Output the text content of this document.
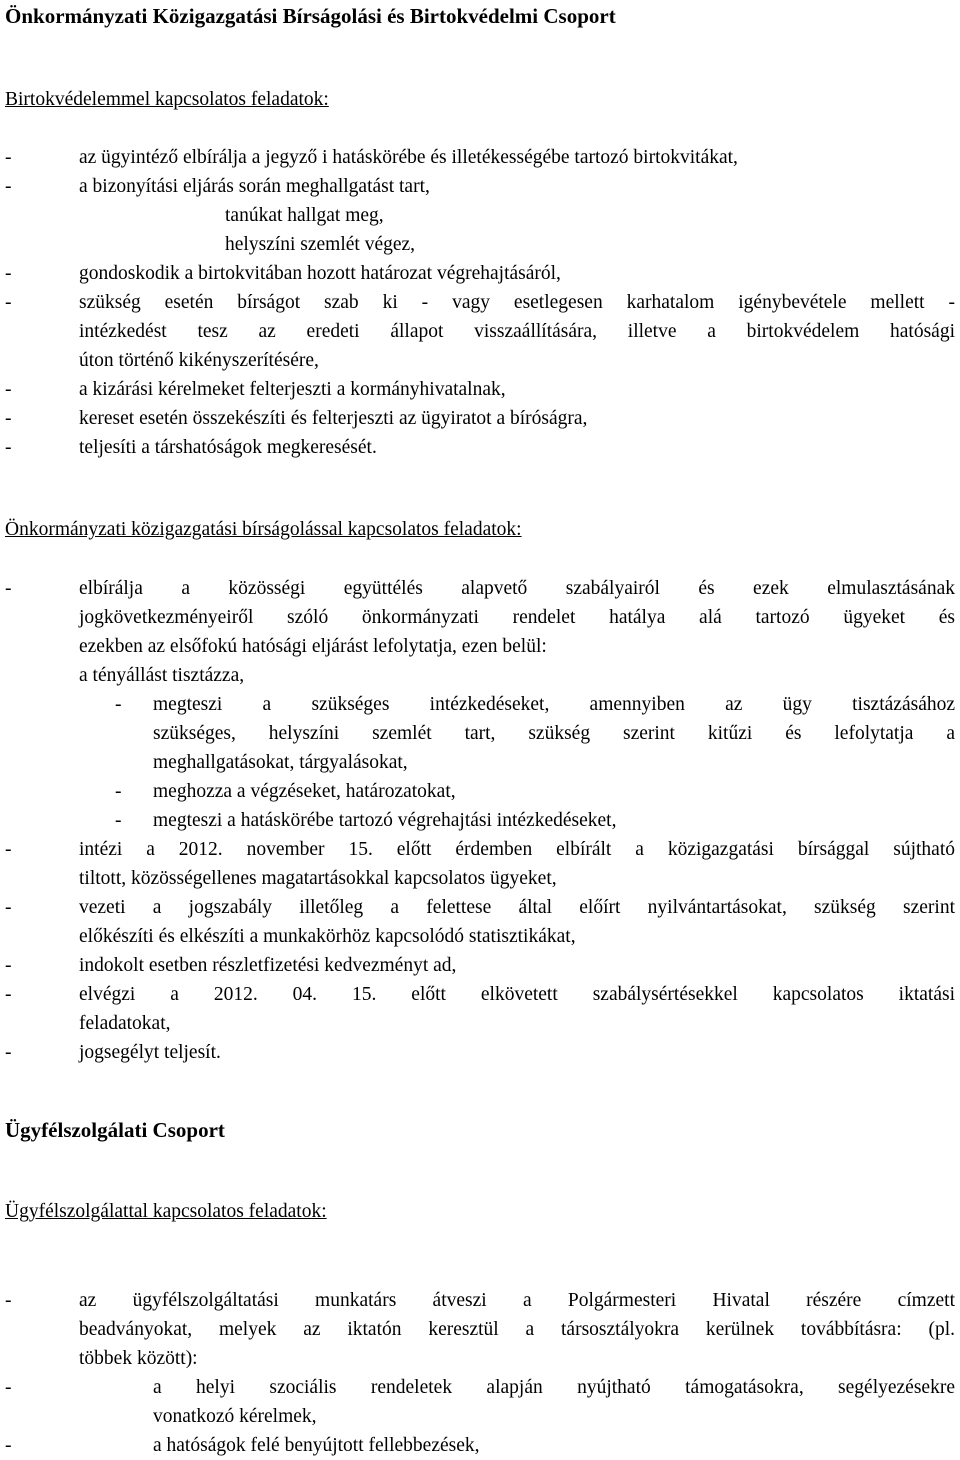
Önkormányzati Közigazgatási Bírságolási és Birtokvédelmi Csoport
Birtokvédelemmel kapcsolatos feladatok:
-	az ügyintéző elbírálja a jegyző i hatáskörébe és illetékességébe tartozó birtokvitákat,
-	a bizonyítási eljárás során meghallgatást tart,
tanúkat hallgat meg,
helyszíni szemlét végez,
-	gondoskodik a birtokvitában hozott határozat végrehajtásáról,
-	szükség esetén bírságot szab ki - vagy esetlegesen karhatalom igénybevétele mellett -
intézkedést tesz az eredeti állapot visszaállítására, illetve a birtokvédelem hatósági
úton történő kikényszerítésére,
-	a kizárási kérelmeket felterjeszti a kormányhivatalnak,
-	kereset esetén összekészíti és felterjeszti az ügyiratot a bíróságra,
-	teljesíti a társhatóságok megkeresését.
Önkormányzati közigazgatási bírságolással kapcsolatos feladatok:
-	elbírálja a közösségi együttélés alapvető szabályairól és ezek elmulasztásának
jogkövetkezményeiről szóló önkormányzati rendelet hatálya alá tartozó ügyeket és
ezekben az elsőfokú hatósági eljárást lefolytatja, ezen belül:
a tényállást tisztázza,
- megteszi a szükséges intézkedéseket, amennyiben az ügy tisztázásához
szükséges, helyszíni szemlét tart, szükség szerint kitűzi és lefolytatja a
meghallgatásokat, tárgyalásokat,
- meghozza a végzéseket, határozatokat,
- megteszi a hatáskörébe tartozó végrehajtási intézkedéseket,
-	intézi a 2012. november 15. előtt érdemben elbírált a közigazgatási bírsággal sújtható
tiltott, közösségellenes magatartásokkal kapcsolatos ügyeket,
-	vezeti a jogszabály illetőleg a felettese által előírt nyilvántartásokat, szükség szerint
előkészíti és elkészíti a munkakörhöz kapcsolódó statisztikákat,
-	indokolt esetben részletfizetési kedvezményt ad,
-	elvégzi a 2012. 04. 15. előtt elkövetett szabálysértésekkel kapcsolatos iktatási
feladatokat,
-	jogsegélyt teljesít.
Ügyfélszolgálati Csoport
Ügyfélszolgálattal kapcsolatos feladatok:
-	az ügyfélszolgáltatási munkatárs átveszi a Polgármesteri Hivatal részére címzett
beadványokat, melyek az iktatón keresztül a társosztályokra kerülnek továbbításra: (pl.
többek között):
-	a helyi szociális rendeletek alapján nyújtható támogatásokra, segélyezésekre
vonatkozó kérelmek,
-	a hatóságok felé benyújtott fellebbezések,
